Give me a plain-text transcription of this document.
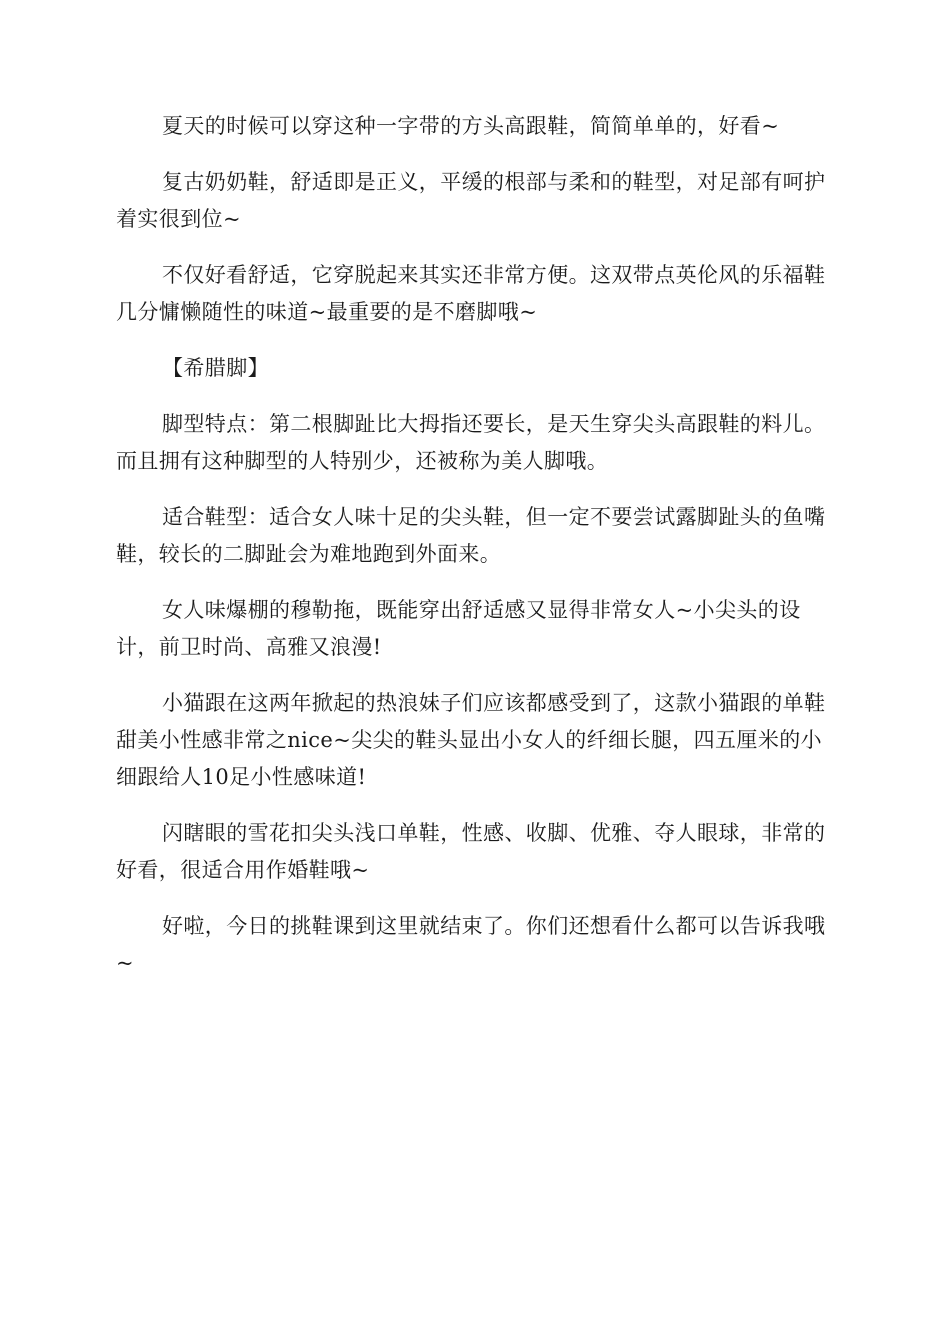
夏天的时候可以穿这种一字带的方头高跟鞋，简简单单的，好看~

复古奶奶鞋，舒适即是正义，平缓的根部与柔和的鞋型，对足部有呵护着实很到位~

不仅好看舒适，它穿脱起来其实还非常方便。这双带点英伦风的乐福鞋几分慵懒随性的味道~最重要的是不磨脚哦~

【希腊脚】

脚型特点：第二根脚趾比大拇指还要长，是天生穿尖头高跟鞋的料儿。而且拥有这种脚型的人特别少，还被称为美人脚哦。

适合鞋型：适合女人味十足的尖头鞋，但一定不要尝试露脚趾头的鱼嘴鞋，较长的二脚趾会为难地跑到外面来。

女人味爆棚的穆勒拖，既能穿出舒适感又显得非常女人~小尖头的设计，前卫时尚、高雅又浪漫!

小猫跟在这两年掀起的热浪妹子们应该都感受到了，这款小猫跟的单鞋甜美小性感非常之nice~尖尖的鞋头显出小女人的纤细长腿，四五厘米的小细跟给人10足小性感味道!

闪瞎眼的雪花扣尖头浅口单鞋，性感、收脚、优雅、夺人眼球，非常的好看，很适合用作婚鞋哦~

好啦，今日的挑鞋课到这里就结束了。你们还想看什么都可以告诉我哦~
